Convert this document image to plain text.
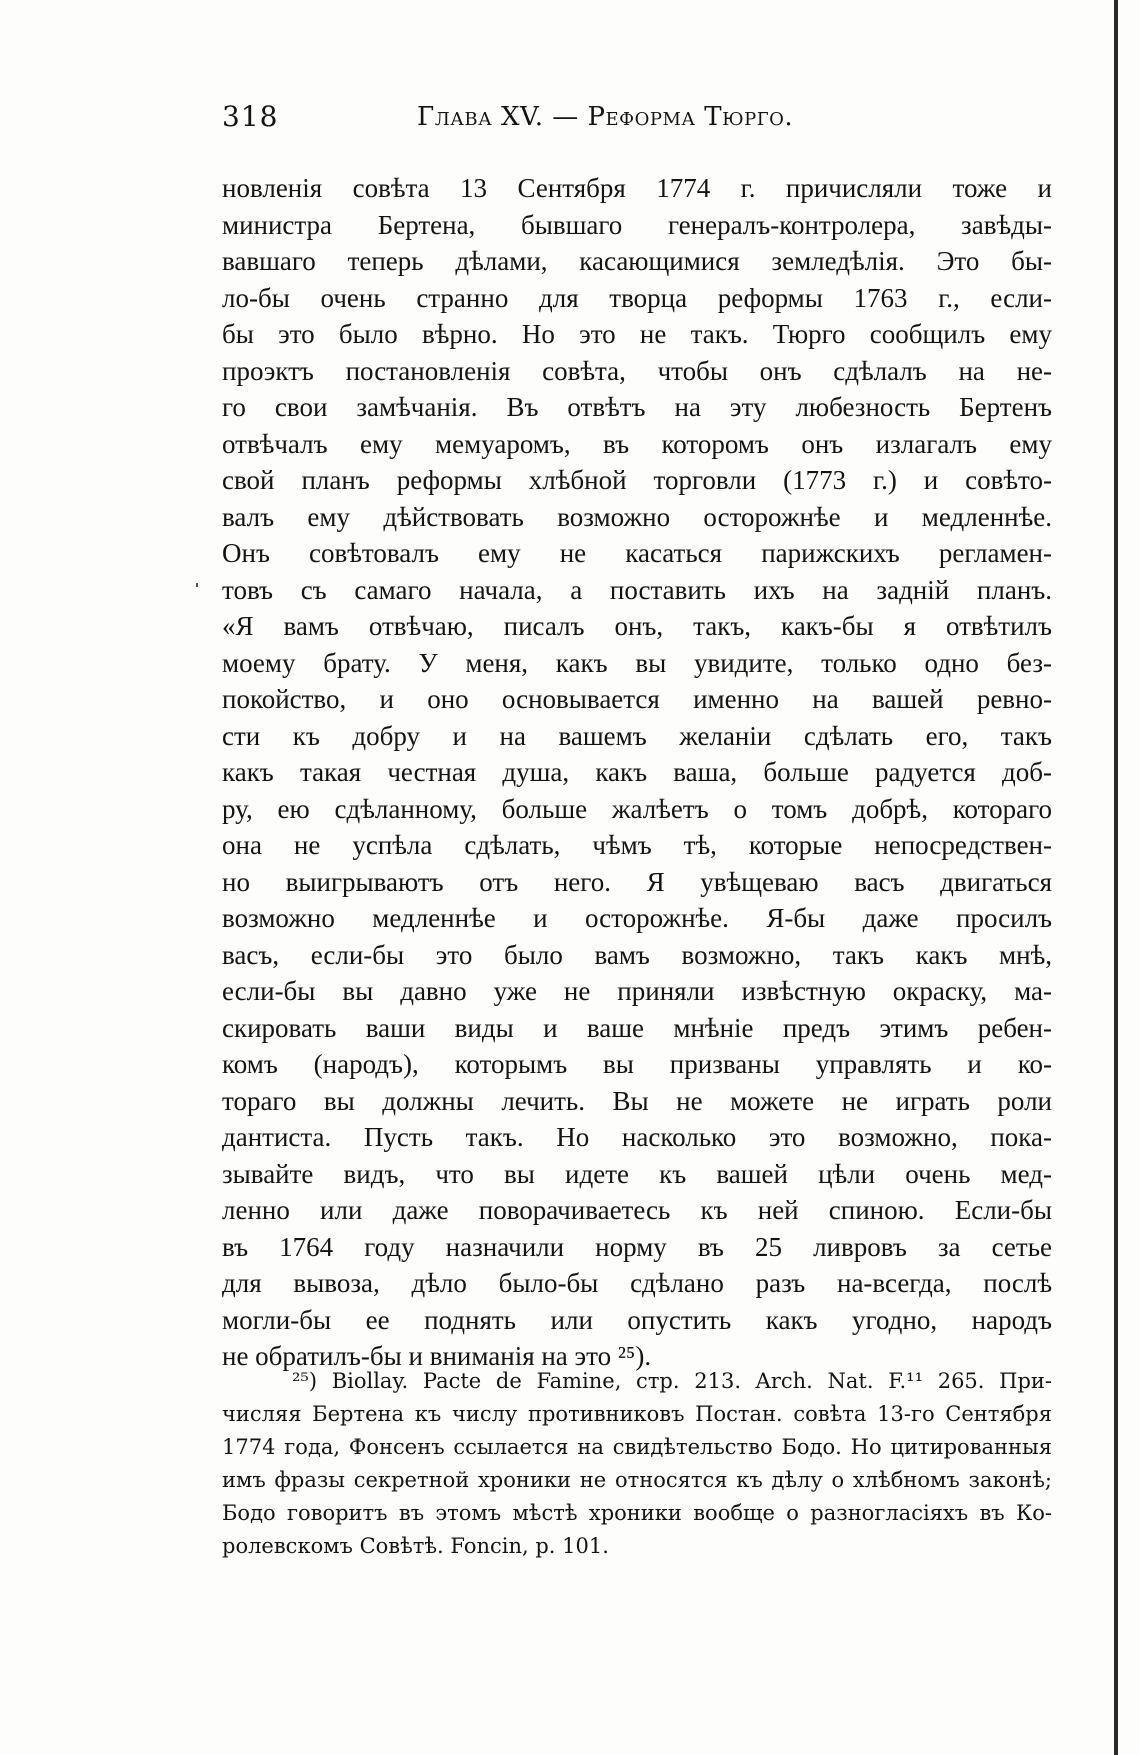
318	Глава XV. — Реформа Тюрго.
новленія совѣта 13 Сентября 1774 г. причисляли тоже и
министра Бертена, бывшаго генералъ-контролера, завѣды-
вавшаго теперь дѣлами, касающимися земледѣлія. Это бы-
ло-бы очень странно для творца реформы 1763 г., если-
бы это было вѣрно. Но это не такъ. Тюрго сообщилъ ему
проэктъ постановленія совѣта, чтобы онъ сдѣлалъ на не-
го свои замѣчанія. Въ отвѣтъ на эту любезность Бертенъ
отвѣчалъ ему мемуаромъ, въ которомъ онъ излагалъ ему
свой планъ реформы хлѣбной торговли (1773 г.) и совѣто-
валъ ему дѣйствовать возможно осторожнѣе и медленнѣе.
Онъ совѣтовалъ ему не касаться парижскихъ регламен-
товъ съ самаго начала, а поставить ихъ на задній планъ.
«Я вамъ отвѣчаю, писалъ онъ, такъ, какъ-бы я отвѣтилъ
моему брату. У меня, какъ вы увидите, только одно без-
покойство, и оно основывается именно на вашей ревно-
сти къ добру и на вашемъ желаніи сдѣлать его, такъ
какъ такая честная душа, какъ ваша, больше радуется доб-
ру, ею сдѣланному, больше жалѣетъ о томъ добрѣ, котораго
она не успѣла сдѣлать, чѣмъ тѣ, которые непосредствен-
но выигрываютъ отъ него. Я увѣщеваю васъ двигаться
возможно медленнѣе и осторожнѣе. Я-бы даже просилъ
васъ, если-бы это было вамъ возможно, такъ какъ мнѣ,
если-бы вы давно уже не приняли извѣстную окраску, ма-
скировать ваши виды и ваше мнѣніе предъ этимъ ребен-
комъ (народъ), которымъ вы призваны управлять и ко-
тораго вы должны лечить. Вы не можете не играть роли
дантиста. Пусть такъ. Но насколько это возможно, пока-
зывайте видъ, что вы идете къ вашей цѣли очень мед-
ленно или даже поворачиваетесь къ ней спиною. Если-бы
въ 1764 году назначили норму въ 25 ливровъ за сетье
для вывоза, дѣло было-бы сдѣлано разъ на-всегда, послѣ
могли-бы ее поднять или опустить какъ угодно, народъ
не обратилъ-бы и вниманія на это ²⁵).
²⁵) Biollay. Pacte de Famine, стр. 213. Arch. Nat. F.¹¹ 265. При-
числяя Бертена къ числу противниковъ Постан. совѣта 13-го Сентября
1774 года, Фонсенъ ссылается на свидѣтельство Бодо. Но цитированныя
имъ фразы секретной хроники не относятся къ дѣлу о хлѣбномъ законѣ;
Бодо говоритъ въ этомъ мѣстѣ хроники вообще о разногласіяхъ въ Ко-
ролевскомъ Совѣтѣ. Foncin, p. 101.
